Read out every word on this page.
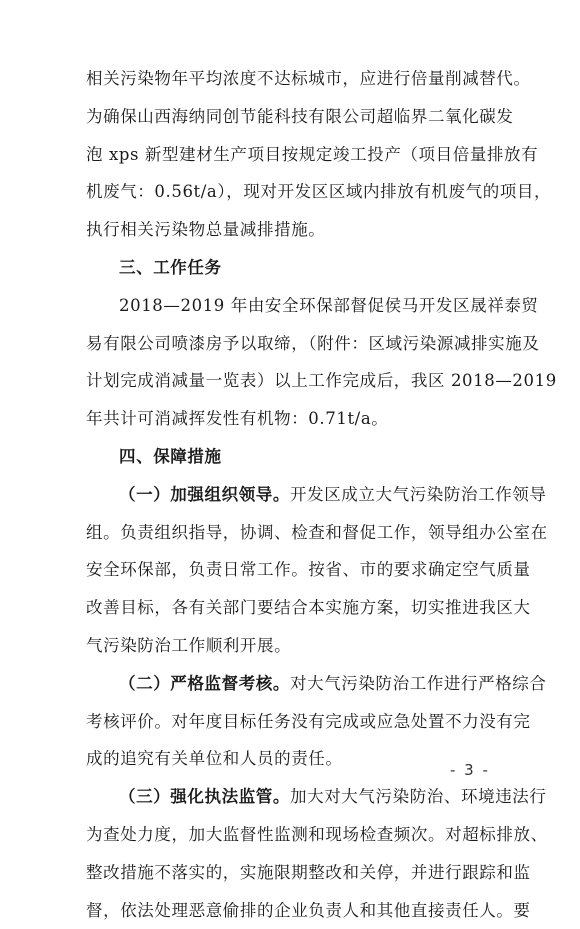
相关污染物年平均浓度不达标城市，应进行倍量削减替代。
为确保山西海纳同创节能科技有限公司超临界二氧化碳发
泡 xps 新型建材生产项目按规定竣工投产（项目倍量排放有
机废气：0.56t/a），现对开发区区域内排放有机废气的项目，
执行相关污染物总量减排措施。
三、工作任务
2018—2019 年由安全环保部督促侯马开发区晟祥泰贸
易有限公司喷漆房予以取缔，（附件：区域污染源减排实施及
计划完成消减量一览表）以上工作完成后，我区 2018—2019
年共计可消减挥发性有机物：0.71t/a。
四、保障措施
（一）加强组织领导。开发区成立大气污染防治工作领导
组。负责组织指导，协调、检查和督促工作，领导组办公室在
安全环保部，负责日常工作。按省、市的要求确定空气质量
改善目标，各有关部门要结合本实施方案，切实推进我区大
气污染防治工作顺利开展。
（二）严格监督考核。对大气污染防治工作进行严格综合
考核评价。对年度目标任务没有完成或应急处置不力没有完
成的追究有关单位和人员的责任。
（三）强化执法监管。加大对大气污染防治、环境违法行
为查处力度，加大监督性监测和现场检查频次。对超标排放、
整改措施不落实的，实施限期整改和关停，并进行跟踪和监
督，依法处理恶意偷排的企业负责人和其他直接责任人。要
- 3 -
